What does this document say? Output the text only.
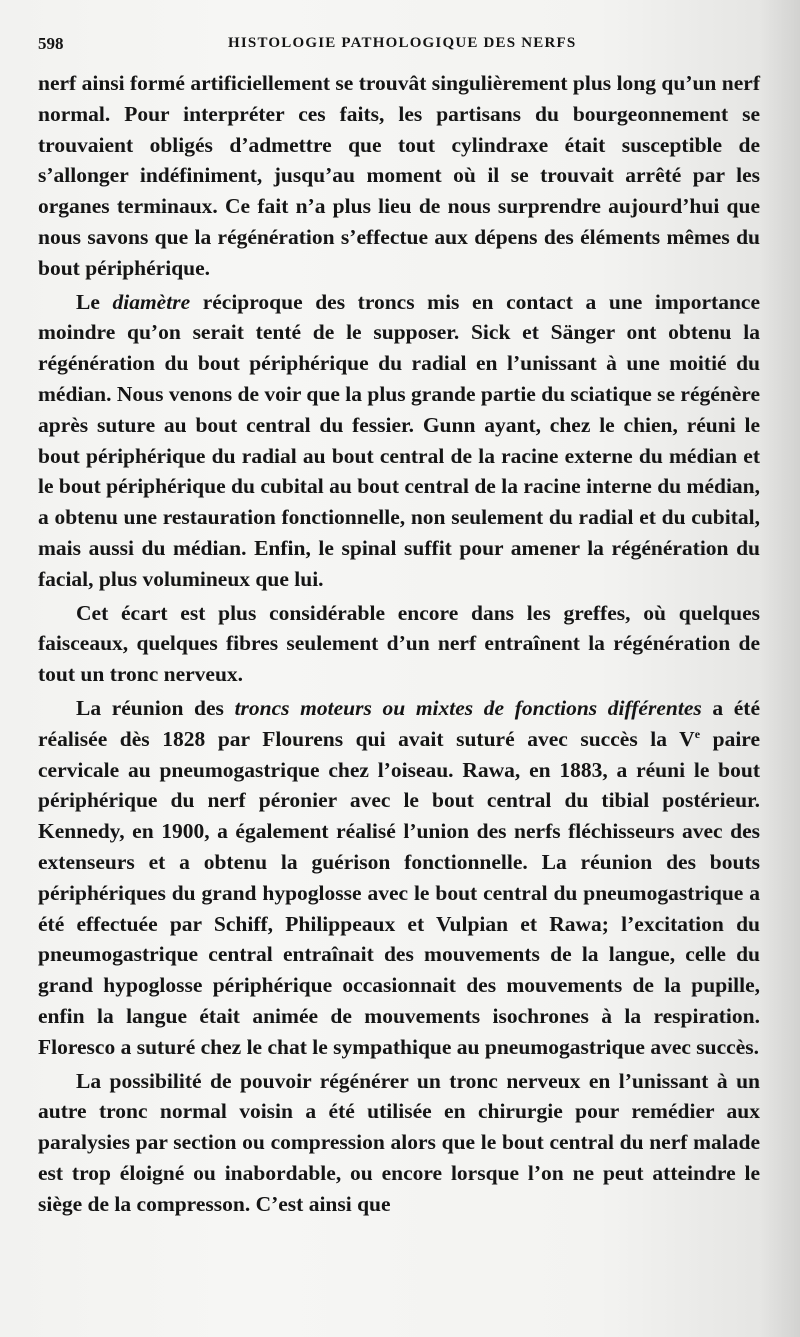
598	HISTOLOGIE PATHOLOGIQUE DES NERFS

nerf ainsi formé artificiellement se trouvât singulièrement plus long qu’un nerf normal. Pour interpréter ces faits, les partisans du bourgeonnement se trouvaient obligés d’admettre que tout cylindraxe était susceptible de s’allonger indéfiniment, jusqu’au moment où il se trouvait arrêté par les organes terminaux. Ce fait n’a plus lieu de nous surprendre aujourd’hui que nous savons que la régénération s’effectue aux dépens des éléments mêmes du bout périphérique.

Le diamètre réciproque des troncs mis en contact a une importance moindre qu’on serait tenté de le supposer. Sick et Sänger ont obtenu la régénération du bout périphérique du radial en l’unissant à une moitié du médian. Nous venons de voir que la plus grande partie du sciatique se régénère après suture au bout central du fessier. Gunn ayant, chez le chien, réuni le bout périphérique du radial au bout central de la racine externe du médian et le bout périphérique du cubital au bout central de la racine interne du médian, a obtenu une restauration fonctionnelle, non seulement du radial et du cubital, mais aussi du médian. Enfin, le spinal suffit pour amener la régénération du facial, plus volumineux que lui.

Cet écart est plus considérable encore dans les greffes, où quelques faisceaux, quelques fibres seulement d’un nerf entraînent la régénération de tout un tronc nerveux.

La réunion des troncs moteurs ou mixtes de fonctions différentes a été réalisée dès 1828 par Flourens qui avait suturé avec succès la Ve paire cervicale au pneumogastrique chez l’oiseau. Rawa, en 1883, a réuni le bout périphérique du nerf péronier avec le bout central du tibial postérieur. Kennedy, en 1900, a également réalisé l’union des nerfs fléchisseurs avec des extenseurs et a obtenu la guérison fonctionnelle. La réunion des bouts périphériques du grand hypoglosse avec le bout central du pneumogastrique a été effectuée par Schiff, Philippeaux et Vulpian et Rawa; l’excitation du pneumogastrique central entraînait des mouvements de la langue, celle du grand hypoglosse périphérique occasionnait des mouvements de la pupille, enfin la langue était animée de mouvements isochrones à la respiration. Floresco a suturé chez le chat le sympathique au pneumogastrique avec succès.

La possibilité de pouvoir régénérer un tronc nerveux en l’unissant à un autre tronc normal voisin a été utilisée en chirurgie pour remédier aux paralysies par section ou compression alors que le bout central du nerf malade est trop éloigné ou inabordable, ou encore lorsque l’on ne peut atteindre le siège de la compresson. C’est ainsi que
